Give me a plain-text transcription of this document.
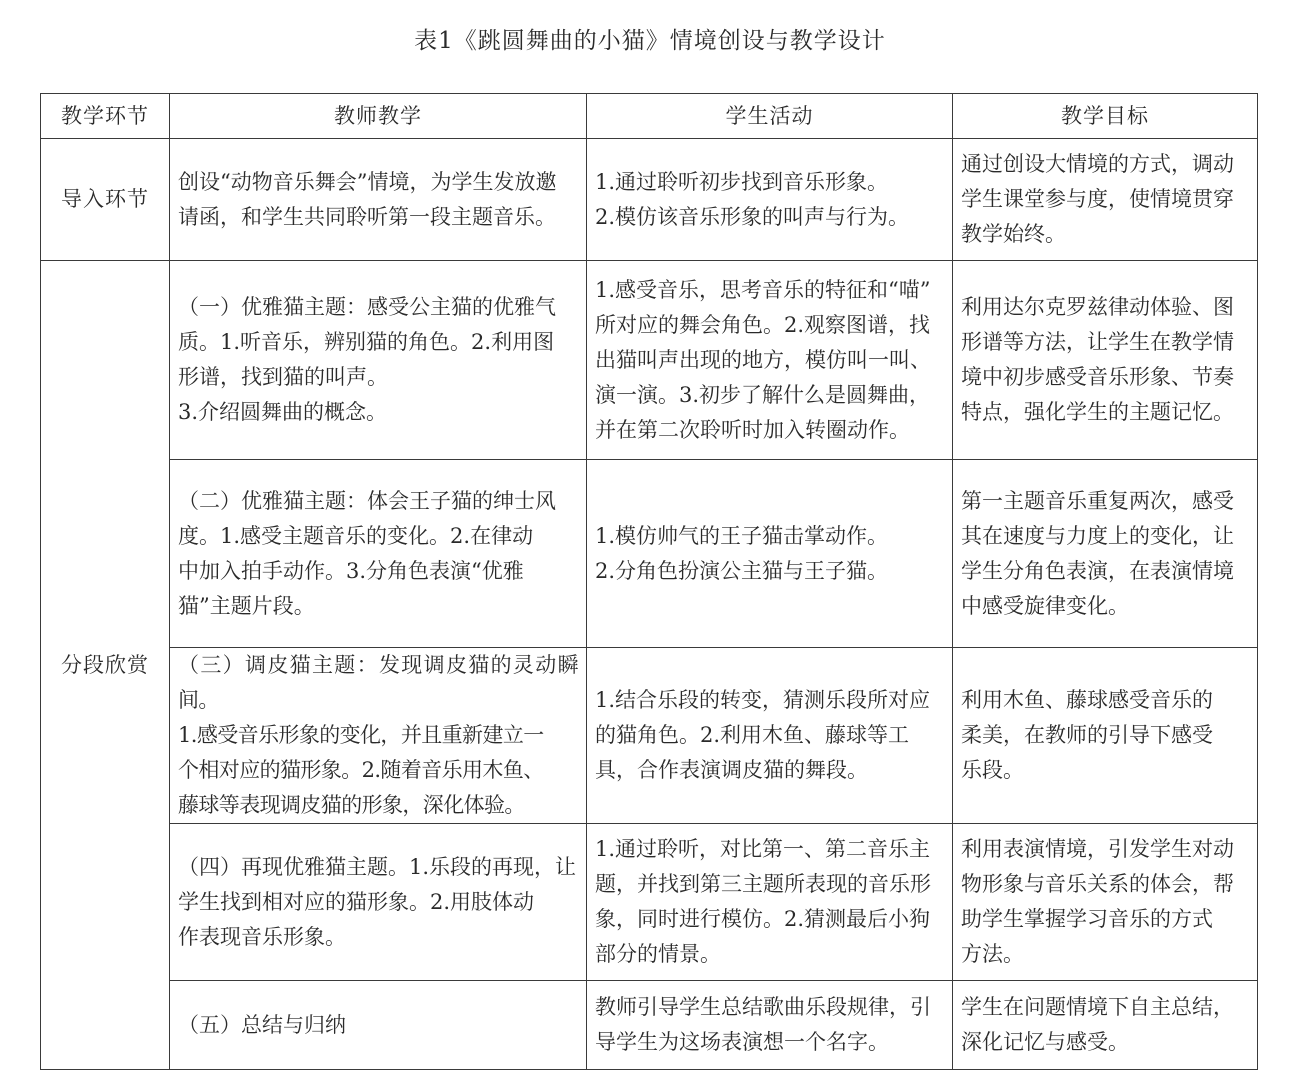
表1《跳圆舞曲的小猫》情境创设与教学设计
教学环节	教师教学	学生活动	教学目标
导入环节	创设“动物音乐舞会”情境，为学生发放邀
请函，和学生共同聆听第一段主题音乐。	1.通过聆听初步找到音乐形象。
2.模仿该音乐形象的叫声与行为。	通过创设大情境的方式，调动
学生课堂参与度，使情境贯穿
教学始终。

分段欣赏	（一）优雅猫主题：感受公主猫的优雅气
质。1.听音乐，辨别猫的角色。2.利用图
形谱，找到猫的叫声。
3.介绍圆舞曲的概念。	1.感受音乐，思考音乐的特征和“喵”
所对应的舞会角色。2.观察图谱，找
出猫叫声出现的地方，模仿叫一叫、
演一演。3.初步了解什么是圆舞曲，
并在第二次聆听时加入转圈动作。	利用达尔克罗兹律动体验、图
形谱等方法，让学生在教学情
境中初步感受音乐形象、节奏
特点，强化学生的主题记忆。

	（二）优雅猫主题：体会王子猫的绅士风
度。1.感受主题音乐的变化。2.在律动
中加入拍手动作。3.分角色表演“优雅
猫”主题片段。	1.模仿帅气的王子猫击掌动作。
2.分角色扮演公主猫与王子猫。	第一主题音乐重复两次，感受
其在速度与力度上的变化，让
学生分角色表演，在表演情境
中感受旋律变化。

	（三）调皮猫主题：发现调皮猫的灵动瞬间。
1.感受音乐形象的变化，并且重新建立一
个相对应的猫形象。2.随着音乐用木鱼、
藤球等表现调皮猫的形象，深化体验。	1.结合乐段的转变，猜测乐段所对应
的猫角色。2.利用木鱼、藤球等工
具，合作表演调皮猫的舞段。	利用木鱼、藤球感受音乐的
柔美，在教师的引导下感受
乐段。

	（四）再现优雅猫主题。1.乐段的再现，让
学生找到相对应的猫形象。2.用肢体动
作表现音乐形象。	1.通过聆听，对比第一、第二音乐主
题，并找到第三主题所表现的音乐形
象，同时进行模仿。2.猜测最后小狗
部分的情景。	利用表演情境，引发学生对动
物形象与音乐关系的体会，帮
助学生掌握学习音乐的方式
方法。

	（五）总结与归纳	教师引导学生总结歌曲乐段规律，引
导学生为这场表演想一个名字。	学生在问题情境下自主总结，
深化记忆与感受。
